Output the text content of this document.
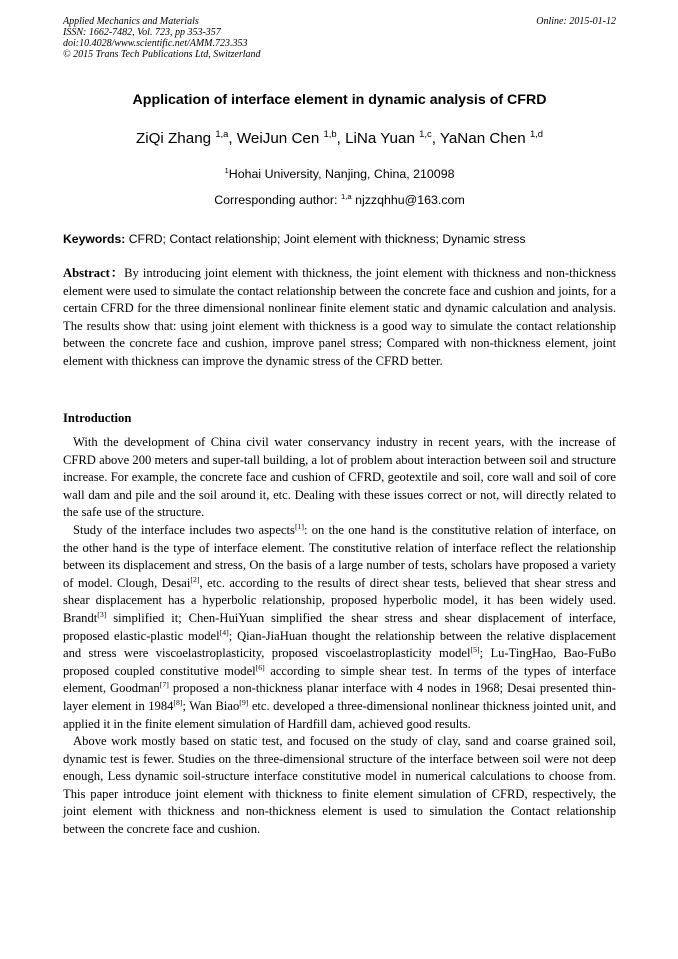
Applied Mechanics and Materials
ISSN: 1662-7482, Vol. 723, pp 353-357
doi:10.4028/www.scientific.net/AMM.723.353
© 2015 Trans Tech Publications Ltd, Switzerland
Online: 2015-01-12
Application of interface element in dynamic analysis of CFRD
ZiQi Zhang $^{1,a}$, WeiJun Cen $^{1,b}$, LiNa Yuan $^{1,c}$, YaNan Chen $^{1,d}$
$^1$Hohai University, Nanjing, China, 210098
Corresponding author: $^{1,a}$ njzzqhhu@163.com
Keywords: CFRD; Contact relationship; Joint element with thickness; Dynamic stress
Abstract：By introducing joint element with thickness, the joint element with thickness and non-thickness element were used to simulate the contact relationship between the concrete face and cushion and joints, for a certain CFRD for the three dimensional nonlinear finite element static and dynamic calculation and analysis. The results show that: using joint element with thickness is a good way to simulate the contact relationship between the concrete face and cushion, improve panel stress; Compared with non-thickness element, joint element with thickness can improve the dynamic stress of the CFRD better.
Introduction

With the development of China civil water conservancy industry in recent years, with the increase of CFRD above 200 meters and super-tall building, a lot of problem about interaction between soil and structure increase. For example, the concrete face and cushion of CFRD, geotextile and soil, core wall and soil of core wall dam and pile and the soil around it, etc. Dealing with these issues correct or not, will directly related to the safe use of the structure.

Study of the interface includes two aspects[1]: on the one hand is the constitutive relation of interface, on the other hand is the type of interface element. The constitutive relation of interface reflect the relationship between its displacement and stress, On the basis of a large number of tests, scholars have proposed a variety of model. Clough, Desai[2], etc. according to the results of direct shear tests, believed that shear stress and shear displacement has a hyperbolic relationship, proposed hyperbolic model, it has been widely used. Brandt[3] simplified it; Chen-HuiYuan simplified the shear stress and shear displacement of interface, proposed elastic-plastic model[4]; Qian-JiaHuan thought the relationship between the relative displacement and stress were viscoelastroplasticity, proposed viscoelastroplasticity model[5]; Lu-TingHao, Bao-FuBo proposed coupled constitutive model[6] according to simple shear test. In terms of the types of interface element, Goodman[7] proposed a non-thickness planar interface with 4 nodes in 1968; Desai presented thin-layer element in 1984[8]; Wan Biao[9] etc. developed a three-dimensional nonlinear thickness jointed unit, and applied it in the finite element simulation of Hardfill dam, achieved good results.

Above work mostly based on static test, and focused on the study of clay, sand and coarse grained soil, dynamic test is fewer. Studies on the three-dimensional structure of the interface between soil were not deep enough, Less dynamic soil-structure interface constitutive model in numerical calculations to choose from. This paper introduce joint element with thickness to finite element simulation of CFRD, respectively, the joint element with thickness and non-thickness element is used to simulation the Contact relationship between the concrete face and cushion.
